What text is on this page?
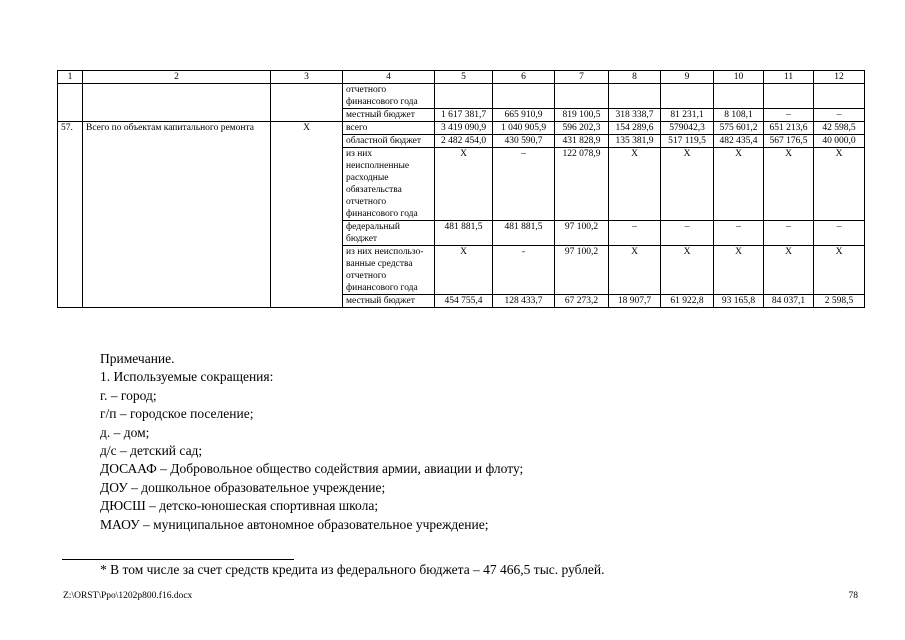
1	2	3	4	5	6	7	8	9	10	11	12
			отчетного финансового года								
			местный бюджет	1 617 381,7	665 910,9	819 100,5	318 338,7	81 231,1	8 108,1	–	–
57.	Всего по объектам капитального ремонта	X	всего	3 419 090,9	1 040 905,9	596 202,3	154 289,6	579042,3	575 601,2	651 213,6	42 598,5
			областной бюджет	2 482 454,0	430 590,7	431 828,9	135 381,9	517 119,5	482 435,4	567 176,5	40 000,0
			из них неисполненные расходные обязательства отчетного финансового года	X	–	122 078,9	X	X	X	X	X
			федеральный бюджет	481 881,5	481 881,5	97 100,2	–	–	–	–	–
			из них неиспользо-ванные средства отчетного финансового года	X	-	97 100,2	X	X	X	X	X
			местный бюджет	454 755,4	128 433,7	67 273,2	18 907,7	61 922,8	93 165,8	84 037,1	2 598,5
Примечание.
1. Используемые сокращения:
г. – город;
г/п – городское поселение;
д. – дом;
д/с – детский сад;
ДОСААФ – Добровольное общество содействия армии, авиации и флоту;
ДОУ – дошкольное образовательное учреждение;
ДЮСШ – детско-юношеская спортивная школа;
МАОУ – муниципальное автономное образовательное учреждение;
* В том числе за счет средств кредита из федерального бюджета – 47 466,5 тыс. рублей.
Z:\ORST\Ppo\1202p800.f16.docx	78
